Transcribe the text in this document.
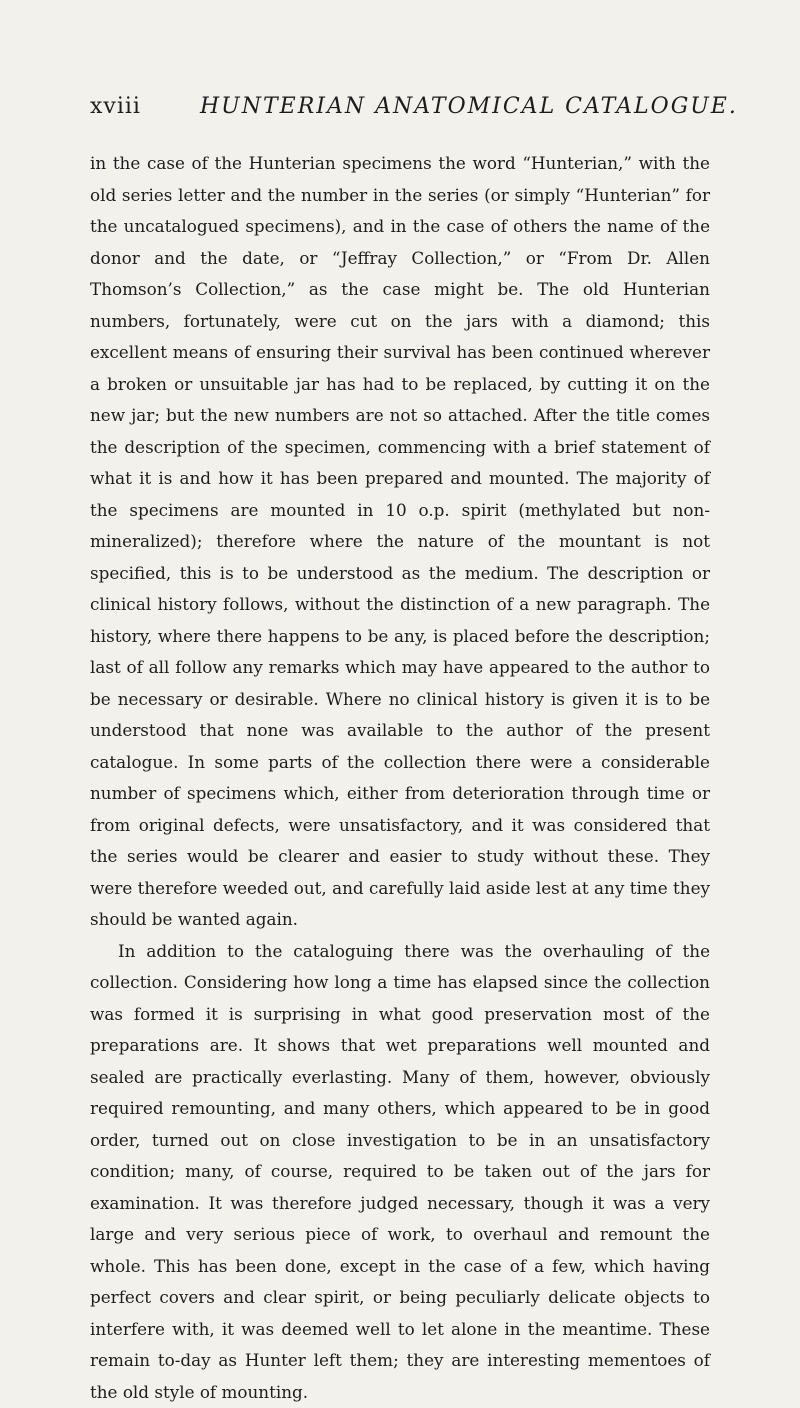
xviii	HUNTERIAN ANATOMICAL CATALOGUE.

in the case of the Hunterian specimens the word “Hunterian,” with the old series letter and the number in the series (or simply “Hunterian” for the uncatalogued specimens), and in the case of others the name of the donor and the date, or “Jeffray Collection,” or “From Dr. Allen Thomson’s Collection,” as the case might be. The old Hunterian numbers, fortunately, were cut on the jars with a diamond; this excellent means of ensuring their survival has been continued wherever a broken or unsuitable jar has had to be replaced, by cutting it on the new jar; but the new numbers are not so attached. After the title comes the description of the specimen, commencing with a brief statement of what it is and how it has been prepared and mounted. The majority of the specimens are mounted in 10 o.p. spirit (methylated but non-mineralized); therefore where the nature of the mountant is not specified, this is to be understood as the medium. The description or clinical history follows, without the distinction of a new paragraph. The history, where there happens to be any, is placed before the description; last of all follow any remarks which may have appeared to the author to be necessary or desirable. Where no clinical history is given it is to be understood that none was available to the author of the present catalogue. In some parts of the collection there were a considerable number of specimens which, either from deterioration through time or from original defects, were unsatisfactory, and it was considered that the series would be clearer and easier to study without these. They were therefore weeded out, and carefully laid aside lest at any time they should be wanted again.

In addition to the cataloguing there was the overhauling of the collection. Considering how long a time has elapsed since the collection was formed it is surprising in what good preservation most of the preparations are. It shows that wet preparations well mounted and sealed are practically everlasting. Many of them, however, obviously required remounting, and many others, which appeared to be in good order, turned out on close investigation to be in an unsatisfactory condition; many, of course, required to be taken out of the jars for examination. It was therefore judged necessary, though it was a very large and very serious piece of work, to overhaul and remount the whole. This has been done, except in the case of a few, which having perfect covers and clear spirit, or being peculiarly delicate objects to interfere with, it was deemed well to let alone in the meantime. These remain to-day as Hunter left them; they are interesting mementoes of the old style of mounting.
